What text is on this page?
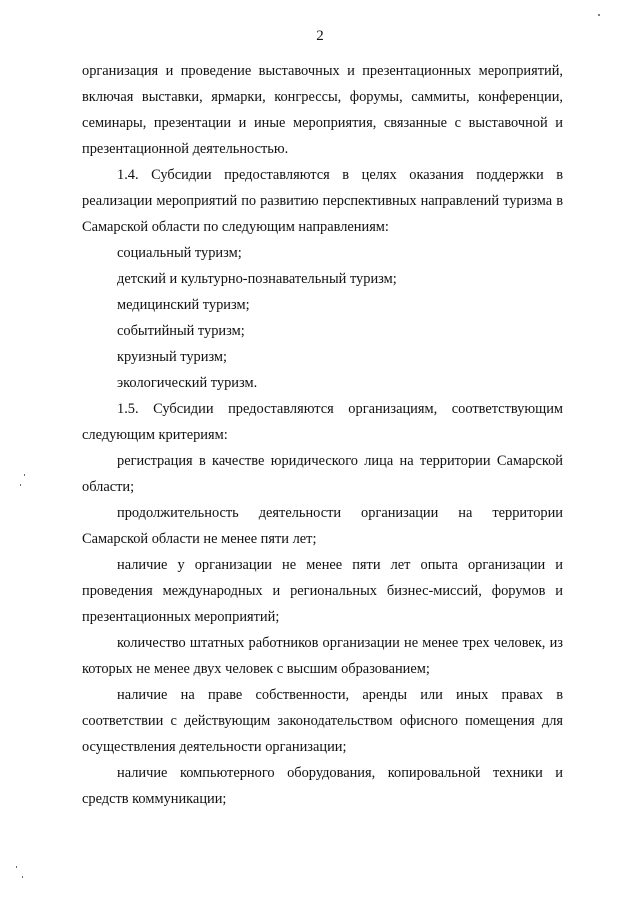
2

организация и проведение выставочных и презентационных мероприятий, включая выставки, ярмарки, конгрессы, форумы, саммиты, конференции, семинары, презентации и иные мероприятия, связанные с выставочной и презентационной деятельностью.

1.4. Субсидии предоставляются в целях оказания поддержки в реализации мероприятий по развитию перспективных направлений туризма в Самарской области по следующим направлениям:

социальный туризм;

детский и культурно-познавательный туризм;

медицинский туризм;

событийный туризм;

круизный туризм;

экологический туризм.

1.5. Субсидии предоставляются организациям, соответствующим следующим критериям:

регистрация в качестве юридического лица на территории Самарской области;

продолжительность деятельности организации на территории Самарской области не менее пяти лет;

наличие у организации не менее пяти лет опыта организации и проведения международных и региональных бизнес-миссий, форумов и презентационных мероприятий;

количество штатных работников организации не менее трех человек, из которых не менее двух человек с высшим образованием;

наличие на праве собственности, аренды или иных правах в соответствии с действующим законодательством офисного помещения для осуществления деятельности организации;

наличие компьютерного оборудования, копировальной техники и средств коммуникации;
